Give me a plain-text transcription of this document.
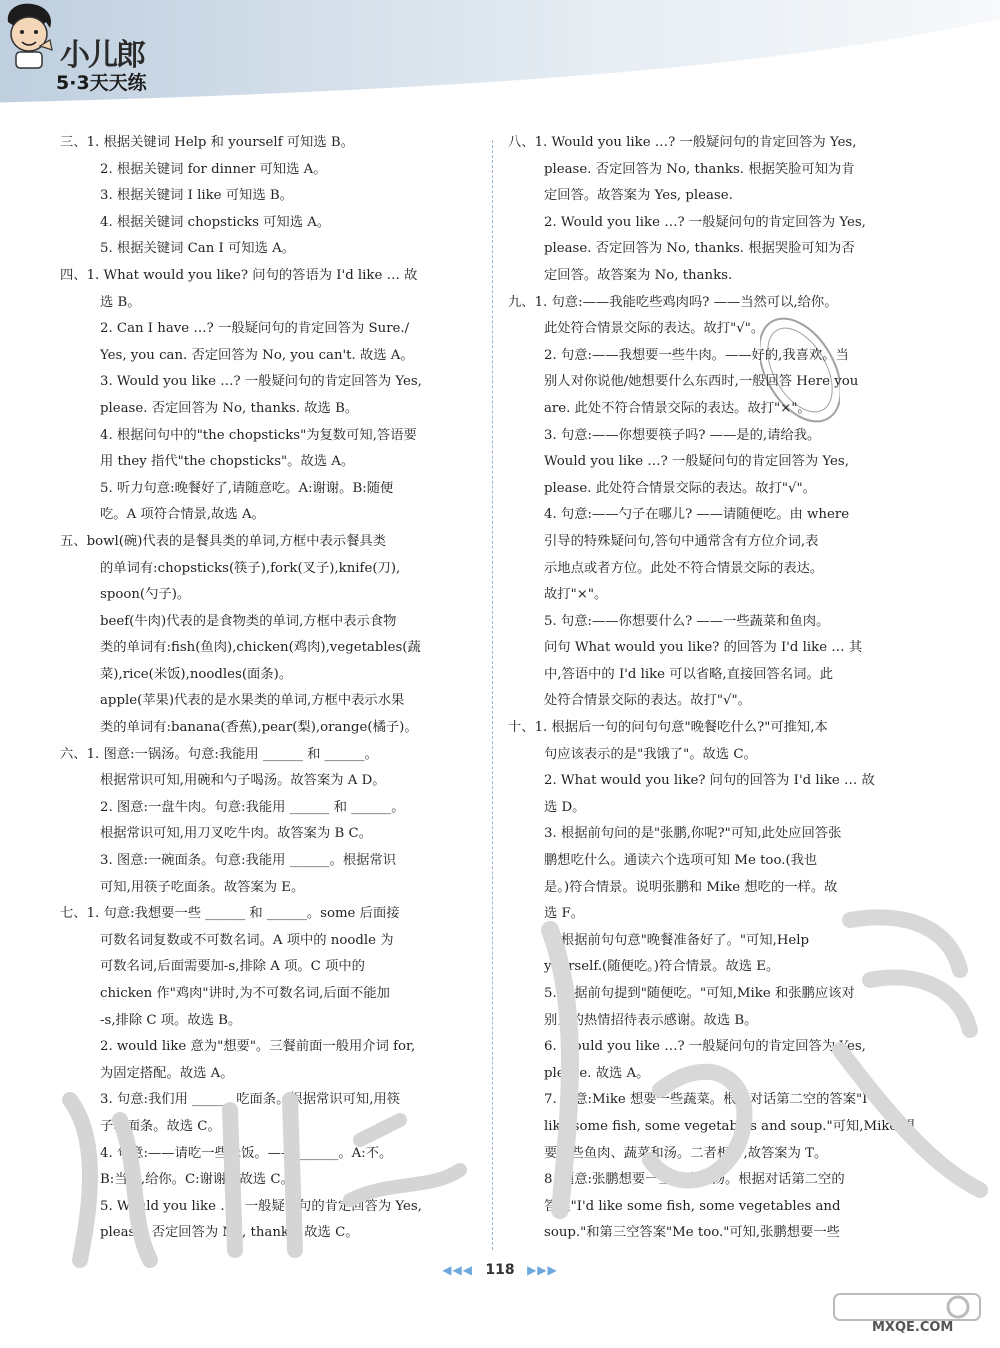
小儿郎
5·3天天练
三、1. 根据关键词 Help 和 yourself 可知选 B。
2. 根据关键词 for dinner 可知选 A。
3. 根据关键词 I like 可知选 B。
4. 根据关键词 chopsticks 可知选 A。
5. 根据关键词 Can I 可知选 A。
四、1. What would you like? 问句的答语为 I'd like … 故
选 B。
2. Can I have …? 一般疑问句的肯定回答为 Sure./
Yes, you can. 否定回答为 No, you can't. 故选 A。
3. Would you like …? 一般疑问句的肯定回答为 Yes,
please. 否定回答为 No, thanks. 故选 B。
4. 根据问句中的"the chopsticks"为复数可知,答语要
用 they 指代"the chopsticks"。故选 A。
5. 听力句意:晚餐好了,请随意吃。A:谢谢。B:随便
吃。A 项符合情景,故选 A。
五、bowl(碗)代表的是餐具类的单词,方框中表示餐具类
的单词有:chopsticks(筷子),fork(叉子),knife(刀),
spoon(勺子)。
beef(牛肉)代表的是食物类的单词,方框中表示食物
类的单词有:fish(鱼肉),chicken(鸡肉),vegetables(蔬
菜),rice(米饭),noodles(面条)。
apple(苹果)代表的是水果类的单词,方框中表示水果
类的单词有:banana(香蕉),pear(梨),orange(橘子)。
六、1. 图意:一锅汤。句意:我能用 ______ 和 ______。
根据常识可知,用碗和勺子喝汤。故答案为 A D。
2. 图意:一盘牛肉。句意:我能用 ______ 和 ______。
根据常识可知,用刀叉吃牛肉。故答案为 B C。
3. 图意:一碗面条。句意:我能用 ______。根据常识
可知,用筷子吃面条。故答案为 E。
七、1. 句意:我想要一些 ______ 和 ______。some 后面接
可数名词复数或不可数名词。A 项中的 noodle 为
可数名词,后面需要加-s,排除 A 项。C 项中的
chicken 作"鸡肉"讲时,为不可数名词,后面不能加
-s,排除 C 项。故选 B。
2. would like 意为"想要"。三餐前面一般用介词 for,
为固定搭配。故选 A。
3. 句意:我们用 ______ 吃面条。根据常识可知,用筷
子吃面条。故选 C。
4. 句意:——请吃一些米饭。—— ______。A:不。
B:当然,给你。C:谢谢。故选 C。
5. Would you like …? 一般疑问句的肯定回答为 Yes,
please. 否定回答为 No, thanks. 故选 C。
八、1. Would you like …? 一般疑问句的肯定回答为 Yes,
please. 否定回答为 No, thanks. 根据笑脸可知为肯
定回答。故答案为 Yes, please.
2. Would you like …? 一般疑问句的肯定回答为 Yes,
please. 否定回答为 No, thanks. 根据哭脸可知为否
定回答。故答案为 No, thanks.
九、1. 句意:——我能吃些鸡肉吗? ——当然可以,给你。
此处符合情景交际的表达。故打"√"。
2. 句意:——我想要一些牛肉。——好的,我喜欢。当
别人对你说他/她想要什么东西时,一般回答 Here you
are. 此处不符合情景交际的表达。故打"×"。
3. 句意:——你想要筷子吗? ——是的,请给我。
Would you like …? 一般疑问句的肯定回答为 Yes,
please. 此处符合情景交际的表达。故打"√"。
4. 句意:——勺子在哪儿? ——请随便吃。由 where
引导的特殊疑问句,答句中通常含有方位介词,表
示地点或者方位。此处不符合情景交际的表达。
故打"×"。
5. 句意:——你想要什么? ——一些蔬菜和鱼肉。
问句 What would you like? 的回答为 I'd like … 其
中,答语中的 I'd like 可以省略,直接回答名词。此
处符合情景交际的表达。故打"√"。
十、1. 根据后一句的问句句意"晚餐吃什么?"可推知,本
句应该表示的是"我饿了"。故选 C。
2. What would you like? 问句的回答为 I'd like … 故
选 D。
3. 根据前句问的是"张鹏,你呢?"可知,此处应回答张
鹏想吃什么。通读六个选项可知 Me too.(我也
是。)符合情景。说明张鹏和 Mike 想吃的一样。故
选 F。
4. 根据前句句意"晚餐准备好了。"可知,Help
yourself.(随便吃。)符合情景。故选 E。
5. 根据前句提到"随便吃。"可知,Mike 和张鹏应该对
别人的热情招待表示感谢。故选 B。
6. Would you like …? 一般疑问句的肯定回答为 Yes,
please. 故选 A。
7. 题意:Mike 想要一些蔬菜。根据对话第二空的答案"I'd
like some fish, some vegetables and soup."可知,Mike 想
要一些鱼肉、蔬菜和汤。二者相符,故答案为 T。
8. 题意:张鹏想要一些鱼肉和汤。根据对话第二空的
答案"I'd like some fish, some vegetables and
soup."和第三空答案"Me too."可知,张鹏想要一些
◀◀◀ 118 ▶▶▶
MXQE.COM
